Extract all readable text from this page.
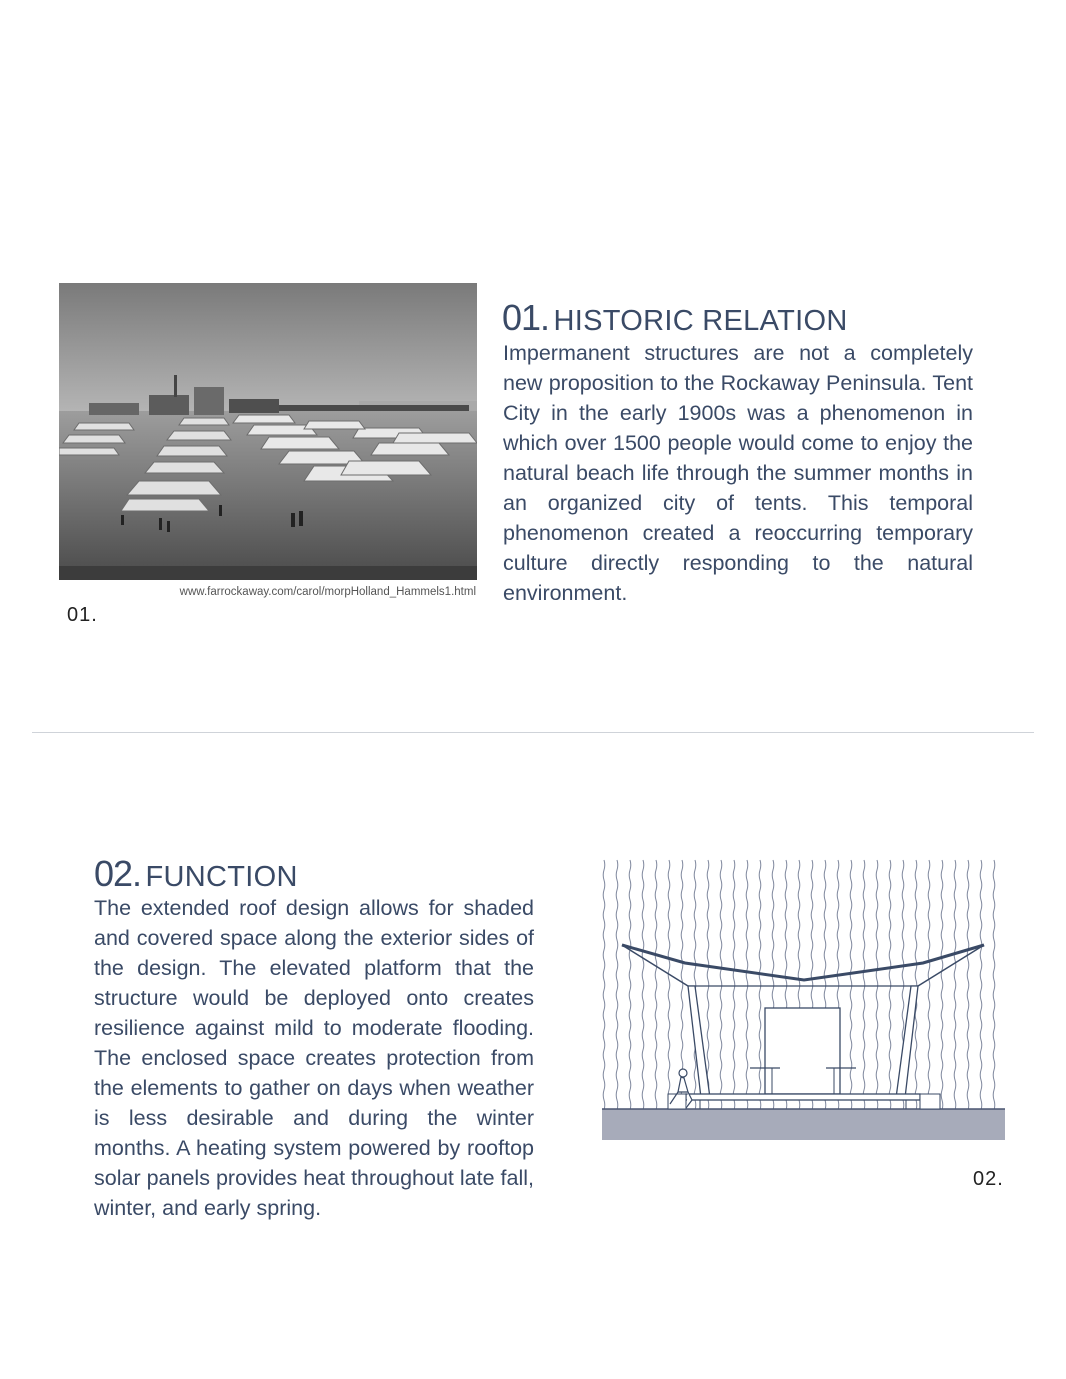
www.farrockaway.com/carol/morpHolland_Hammels1.html
01.
01. HISTORIC RELATION
Impermanent structures are not a completely new proposition to the Rockaway Peninsula. Tent City in the early 1900s was a phenomenon in which over 1500 people would come to enjoy the natural beach life through the summer months in an organized city of tents. This temporal phenomenon created a reoccurring temporary culture directly responding to the natural environment.
02. FUNCTION
The extended roof design allows for shaded and covered space along the exterior sides of the design. The elevated platform that the structure would be deployed onto creates resilience against mild to moderate flooding. The enclosed space creates protection from the elements to gather on days when weather is less desirable and during the winter months. A heating system powered by rooftop solar panels provides heat throughout late fall, winter, and early spring.
02.
